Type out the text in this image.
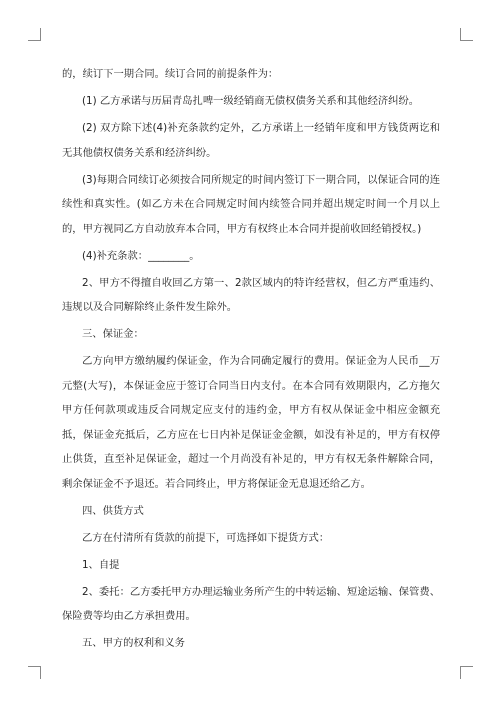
的，续订下一期合同。续订合同的前提条件为：

(1) 乙方承诺与历届青岛扎啤一级经销商无债权债务关系和其他经济纠纷。

(2) 双方除下述(4)补充条款约定外，乙方承诺上一经销年度和甲方钱货两讫和无其他债权债务关系和经济纠纷。

(3)每期合同续订必须按合同所规定的时间内签订下一期合同，以保证合同的连续性和真实性。(如乙方未在合同规定时间内续签合同并超出规定时间一个月以上的，甲方视同乙方自动放弃本合同，甲方有权终止本合同并提前收回经销授权。)

(4)补充条款：________。

2、甲方不得擅自收回乙方第一、2款区域内的特许经营权，但乙方严重违约、违规以及合同解除终止条件发生除外。

三、保证金：

乙方向甲方缴纳履约保证金，作为合同确定履行的费用。保证金为人民币__万元整(大写)，本保证金应于签订合同当日内支付。在本合同有效期限内，乙方拖欠甲方任何款项或违反合同规定应支付的违约金，甲方有权从保证金中相应金额充抵，保证金充抵后，乙方应在七日内补足保证金金额，如没有补足的，甲方有权停止供货，直至补足保证金，超过一个月尚没有补足的，甲方有权无条件解除合同，剩余保证金不予退还。若合同终止，甲方将保证金无息退还给乙方。

四、供货方式

乙方在付清所有货款的前提下，可选择如下提货方式：

1、自提

2、委托：乙方委托甲方办理运输业务所产生的中转运输、短途运输、保管费、保险费等均由乙方承担费用。

五、甲方的权利和义务
